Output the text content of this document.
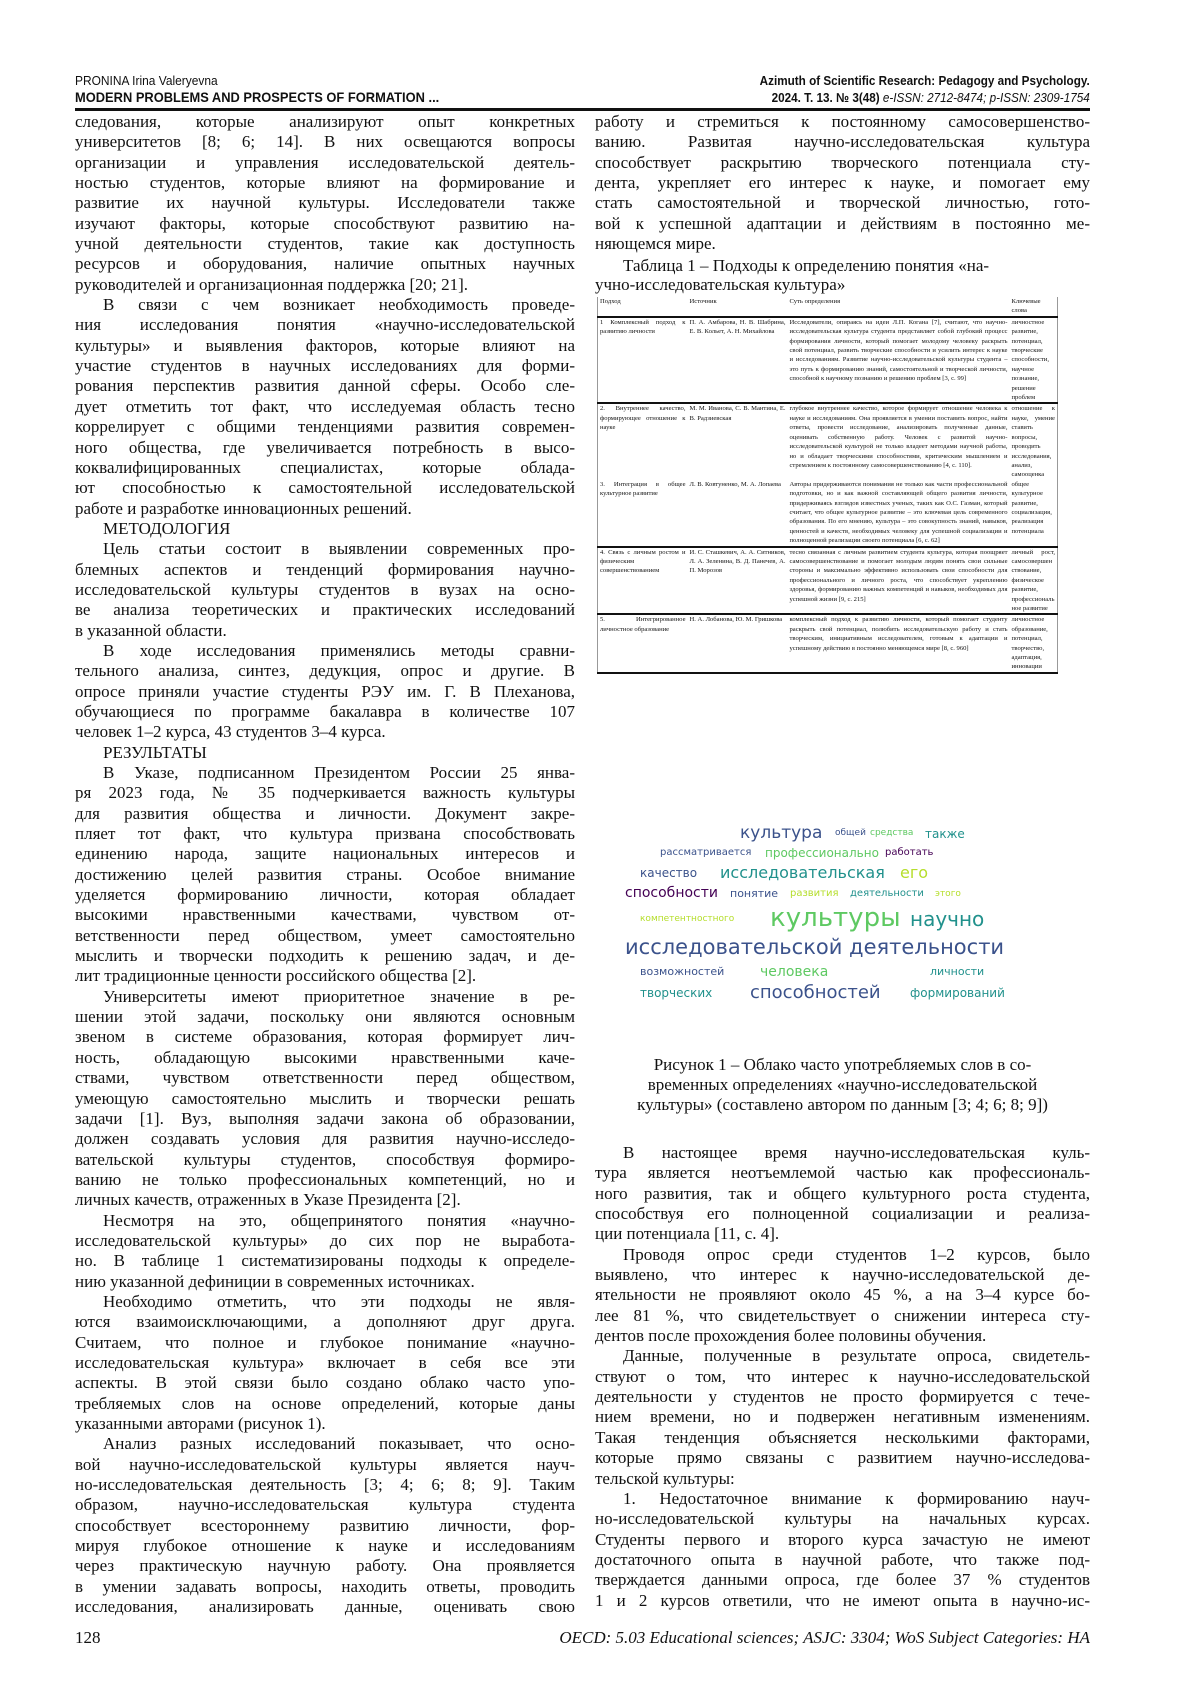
PRONINA Irina Valeryevna
MODERN PROBLEMS AND PROSPECTS OF FORMATION ...
Azimuth of Scientific Research: Pedagogy and Psychology.
2024. T. 13. № 3(48) e-ISSN: 2712-8474; p-ISSN: 2309-1754
следования, которые анализируют опыт конкретных
университетов [8; 6; 14]. В них освещаются вопросы
организации и управления исследовательской деятель-
ностью студентов, которые влияют на формирование и
развитие их научной культуры. Исследователи также
изучают факторы, которые способствуют развитию на-
учной деятельности студентов, такие как доступность
ресурсов и оборудования, наличие опытных научных
руководителей и организационная поддержка [20; 21].
В связи с чем возникает необходимость проведе-
ния исследования понятия «научно-исследовательской
культуры» и выявления факторов, которые влияют на
участие студентов в научных исследованиях для форми-
рования перспектив развития данной сферы. Особо сле-
дует отметить тот факт, что исследуемая область тесно
коррелирует с общими тенденциями развития современ-
ного общества, где увеличивается потребность в высо-
коквалифицированных специалистах, которые облада-
ют способностью к самостоятельной исследовательской
работе и разработке инновационных решений.
МЕТОДОЛОГИЯ
Цель статьи состоит в выявлении современных про-
блемных аспектов и тенденций формирования научно-
исследовательской культуры студентов в вузах на осно-
ве анализа теоретических и практических исследований
в указанной области.
В ходе исследования применялись методы сравни-
тельного анализа, синтез, дедукция, опрос и другие. В
опросе приняли участие студенты РЭУ им. Г. В Плеханова,
обучающиеся по программе бакалавра в количестве 107
человек 1–2 курса, 43 студентов 3–4 курса.
РЕЗУЛЬТАТЫ
В Указе, подписанном Президентом России 25 янва-
ря 2023 года, № 35 подчеркивается важность культуры
для развития общества и личности. Документ закре-
пляет тот факт, что культура призвана способствовать
единению народа, защите национальных интересов и
достижению целей развития страны. Особое внимание
уделяется формированию личности, которая обладает
высокими нравственными качествами, чувством от-
ветственности перед обществом, умеет самостоятельно
мыслить и творчески подходить к решению задач, и де-
лит традиционные ценности российского общества [2].
Университеты имеют приоритетное значение в ре-
шении этой задачи, поскольку они являются основным
звеном в системе образования, которая формирует лич-
ность, обладающую высокими нравственными каче-
ствами, чувством ответственности перед обществом,
умеющую самостоятельно мыслить и творчески решать
задачи [1]. Вуз, выполняя задачи закона об образовании,
должен создавать условия для развития научно-исследо-
вательской культуры студентов, способствуя формиро-
ванию не только профессиональных компетенций, но и
личных качеств, отраженных в Указе Президента [2].
Несмотря на это, общепринятого понятия «научно-
исследовательской культуры» до сих пор не выработа-
но. В таблице 1 систематизированы подходы к определе-
нию указанной дефиниции в современных источниках.
Необходимо отметить, что эти подходы не явля-
ются взаимоисключающими, а дополняют друг друга.
Считаем, что полное и глубокое понимание «научно-
исследовательская культура» включает в себя все эти
аспекты. В этой связи было создано облако часто упо-
требляемых слов на основе определений, которые даны
указанными авторами (рисунок 1).
Анализ разных исследований показывает, что осно-
вой научно-исследовательской культуры является науч-
но-исследовательская деятельность [3; 4; 6; 8; 9]. Таким
образом, научно-исследовательская культура студента
способствует всестороннему развитию личности, фор-
мируя глубокое отношение к науке и исследованиям
через практическую научную работу. Она проявляется
в умении задавать вопросы, находить ответы, проводить
исследования, анализировать данные, оценивать свою
работу и стремиться к постоянному самосовершенство-
ванию. Развитая научно-исследовательская культура
способствует раскрытию творческого потенциала сту-
дента, укрепляет его интерес к науке, и помогает ему
стать самостоятельной и творческой личностью, гото-
вой к успешной адаптации и действиям в постоянно ме-
няющемся мире.
Таблица 1 – Подходы к определению понятия «на-
учно-исследовательская культура»
Подход	Источник	Суть определения	Ключевые слова
1 Комплексный подход к развитию личности	П. А. Амбарова, Н. В. Шабрина, Е. В. Кольет, А. Н. Михайлова	Исследователи, опираясь на идеи Л.П. Когана [7], считают, что научно-исследовательская культура студента представляет собой глубокий процесс формирования личности, который помогает молодому человеку раскрыть свой потенциал, развить творческие способности и усилить интерес к науке и исследованиям. Развитие научно-исследовательской культуры студента – это путь к формированию знаний, самостоятельной и творческой личности, способной к научному познанию и решению проблем [3, с. 99]	личностное развитие, потенциал, творческие способности, научное познание, решение проблем
2. Внутреннее качество, формирующее отношение к науке	М. М. Иванова, С. В. Мантина, Е. В. Радзиевская	глубокое внутреннее качество, которое формирует отношение человека к науке и исследованиям. Она проявляется в умении поставить вопрос, найти ответы, провести исследование, анализировать полученные данные, оценивать собственную работу. Человек с развитой научно-исследовательской культурой не только владеет методами научной работы, но и обладает творческими способностями, критическим мышлением и стремлением к постоянному самосовершенствованию [4, с. 110].	отношение к науке, умение ставить вопросы, проводить исследования, анализ, самооценка
3. Интеграция в общее культурное развитие	Л. В. Ковтуненко, М. А. Лопаева	Авторы придерживаются понимания не только как части профессиональной подготовки, но и как важной составляющей общего развития личности, придерживаясь взглядов известных ученых, таких как О.С. Газман, который считает, что общее культурное развитие – это ключевая цель современного образования. По его мнению, культура – это совокупность знаний, навыков, ценностей и качеств, необходимых человеку для успешной социализации и полноценной реализации своего потенциала [6, с. 62]	общее культурное развитие, социализация, реализация потенциала
4. Связь с личным ростом и физическим совершенствованием	И. С. Сташкевич, А. А. Ситников, Л. А. Зеленина, В. Д. Панечев, А. П. Морозов	тесно связанная с личным развитием студента культура, которая поощряет самосовершенствование и помогает молодым людям понять свои сильные стороны и максимально эффективно использовать свои способности для профессионального и личного роста, что способствует укреплению здоровья, формированию важных компетенций и навыков, необходимых для успешной жизни [9, с. 215]	личный рост, самосовершенствование, физическое развитие, профессиональное развитие
5. Интегрированное личностное образование	Н. А. Лобанова, Ю. М. Гришкова	комплексный подход к развитию личности, который помогает студенту раскрыть свой потенциал, полюбить исследовательскую работу и стать творческим, инициативным исследователем, готовым к адаптации и успешному действию в постоянно меняющемся мире [8, с. 960]	личностное образование, потенциал, творчество, адаптация, инновации
культура общей средства также
рассматривается профессионально работать
качество исследовательская его
способности понятие развития деятельности этого
компетентностного культуры научно
исследовательской деятельности
возможностей	человека	личности
творческих способностей формирований
Рисунок 1 – Облако часто употребляемых слов в со-
временных определениях «научно-исследовательской
культуры» (составлено автором по данным [3; 4; 6; 8; 9])
В настоящее время научно-исследовательская куль-
тура является неотъемлемой частью как профессиональ-
ного развития, так и общего культурного роста студента,
способствуя его полноценной социализации и реализа-
ции потенциала [11, с. 4].
Проводя опрос среди студентов 1–2 курсов, было
выявлено, что интерес к научно-исследовательской де-
ятельности не проявляют около 45 %, а на 3–4 курсе бо-
лее 81 %, что свидетельствует о снижении интереса сту-
дентов после прохождения более половины обучения.
Данные, полученные в результате опроса, свидетель-
ствуют о том, что интерес к научно-исследовательской
деятельности у студентов не просто формируется с тече-
нием времени, но и подвержен негативным изменениям.
Такая тенденция объясняется несколькими факторами,
которые прямо связаны с развитием научно-исследова-
тельской культуры:
1. Недостаточное внимание к формированию науч-
но-исследовательской культуры на начальных курсах.
Студенты первого и второго курса зачастую не имеют
достаточного опыта в научной работе, что также под-
тверждается данными опроса, где более 37 % студентов
1 и 2 курсов ответили, что не имеют опыта в научно-ис-
128	OECD: 5.03 Educational sciences; ASJC: 3304; WoS Subject Categories: HA
